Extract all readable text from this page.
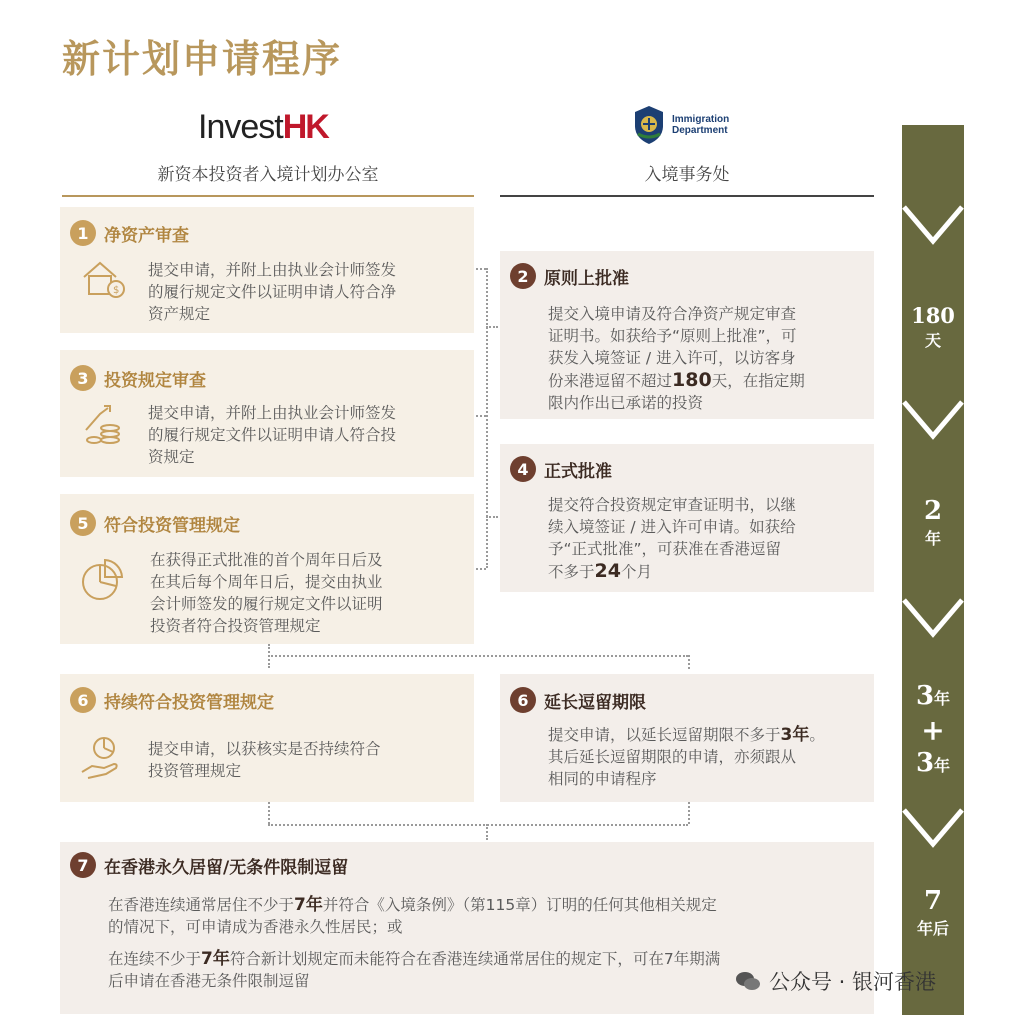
新计划申请程序
InvestHK	Immigration
Department
新资本投资者入境计划办公室	入境事务处
180
天
2
年
3年
+
3年
7
年后
1 净资产审查
$
提交申请，并附上由执业会计师签发
的履行规定文件以证明申请人符合净
资产规定
3 投资规定审查
提交申请，并附上由执业会计师签发
的履行规定文件以证明申请人符合投
资规定
5 符合投资管理规定
在获得正式批准的首个周年日后及
在其后每个周年日后，提交由执业
会计师签发的履行规定文件以证明
投资者符合投资管理规定
6 持续符合投资管理规定
提交申请，以获核实是否持续符合
投资管理规定
2 原则上批准
提交入境申请及符合净资产规定审查
证明书。如获给予“原则上批准”，可
获发入境签证 / 进入许可，以访客身
份来港逗留不超过180天，在指定期
限内作出已承诺的投资
4 正式批准
提交符合投资规定审查证明书，以继
续入境签证 / 进入许可申请。如获给
予“正式批准”，可获准在香港逗留
不多于24个月
6 延长逗留期限
提交申请，以延长逗留期限不多于3年。
其后延长逗留期限的申请，亦须跟从
相同的申请程序
7 在香港永久居留/无条件限制逗留
在香港连续通常居住不少于7年并符合《入境条例》（第115章）订明的任何其他相关规定
的情况下，可申请成为香港永久性居民；或
在连续不少于7年符合新计划规定而未能符合在香港连续通常居住的规定下，可在7年期满
后申请在香港无条件限制逗留	公众号 · 银河香港
